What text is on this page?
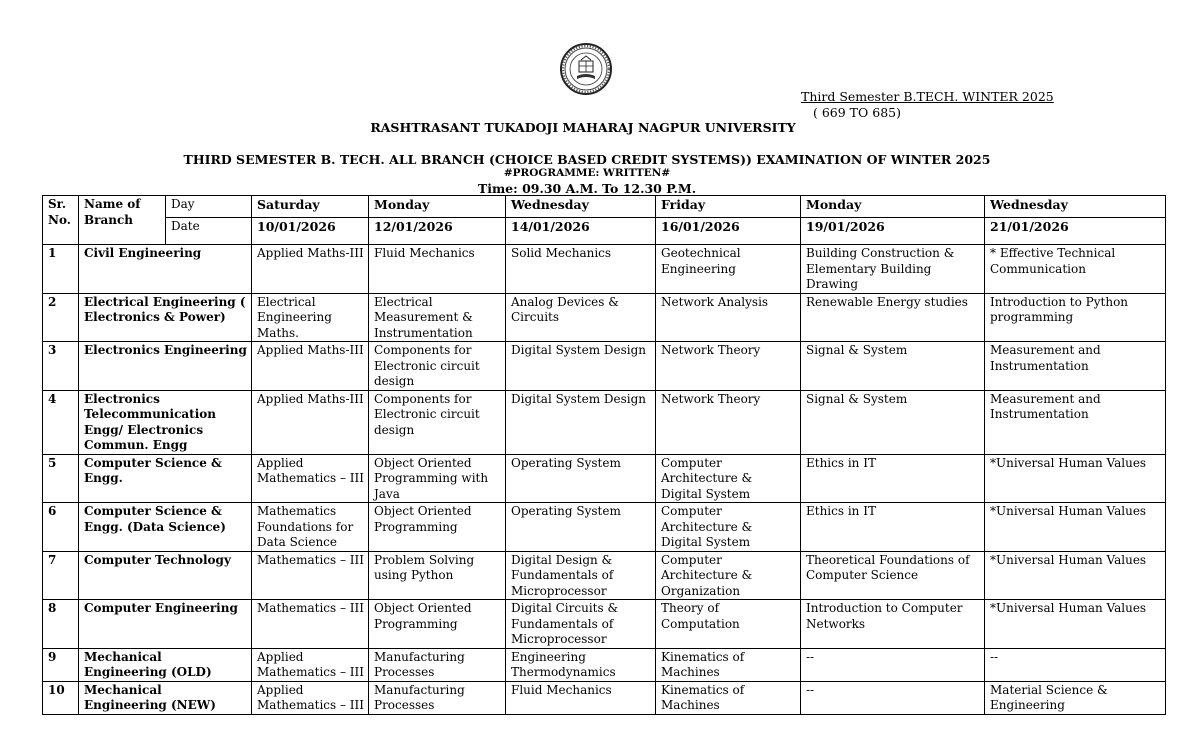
Third Semester B.TECH. WINTER 2025
( 669 TO 685)
RASHTRASANT TUKADOJI MAHARAJ NAGPUR UNIVERSITY
THIRD SEMESTER B. TECH. ALL BRANCH (CHOICE BASED CREDIT SYSTEMS)) EXAMINATION OF WINTER 2025
#PROGRAMME: WRITTEN#
Time: 09.30 A.M. To 12.30 P.M.
Sr. No.	Name of Branch	Day	Saturday	Monday	Wednesday	Friday	Monday	Wednesday
		Date	10/01/2026	12/01/2026	14/01/2026	16/01/2026	19/01/2026	21/01/2026
1	Civil Engineering		Applied Maths-III	Fluid Mechanics	Solid Mechanics	Geotechnical Engineering	Building Construction & Elementary Building Drawing	* Effective Technical Communication
2	Electrical Engineering ( Electronics & Power)		Electrical Engineering Maths.	Electrical Measurement & Instrumentation	Analog Devices & Circuits	Network Analysis	Renewable Energy studies	Introduction to Python programming
3	Electronics Engineering		Applied Maths-III	Components for Electronic circuit design	Digital System Design	Network Theory	Signal & System	Measurement and Instrumentation
4	Electronics Telecommunication Engg/ Electronics Commun. Engg		Applied Maths-III	Components for Electronic circuit design	Digital System Design	Network Theory	Signal & System	Measurement and Instrumentation
5	Computer Science & Engg.		Applied Mathematics – III	Object Oriented Programming with Java	Operating System	Computer Architecture & Digital System	Ethics in IT	*Universal Human Values
6	Computer Science & Engg. (Data Science)		Mathematics Foundations for Data Science	Object Oriented Programming	Operating System	Computer Architecture & Digital System	Ethics in IT	*Universal Human Values
7	Computer Technology		Mathematics – III	Problem Solving using Python	Digital Design & Fundamentals of Microprocessor	Computer Architecture & Organization	Theoretical Foundations of Computer Science	*Universal Human Values
8	Computer Engineering		Mathematics – III	Object Oriented Programming	Digital Circuits & Fundamentals of Microprocessor	Theory of Computation	Introduction to Computer Networks	*Universal Human Values
9	Mechanical Engineering (OLD)		Applied Mathematics – III	Manufacturing Processes	Engineering Thermodynamics	Kinematics of Machines	--	--
10	Mechanical Engineering (NEW)		Applied Mathematics – III	Manufacturing Processes	Fluid Mechanics	Kinematics of Machines	--	Material Science & Engineering
